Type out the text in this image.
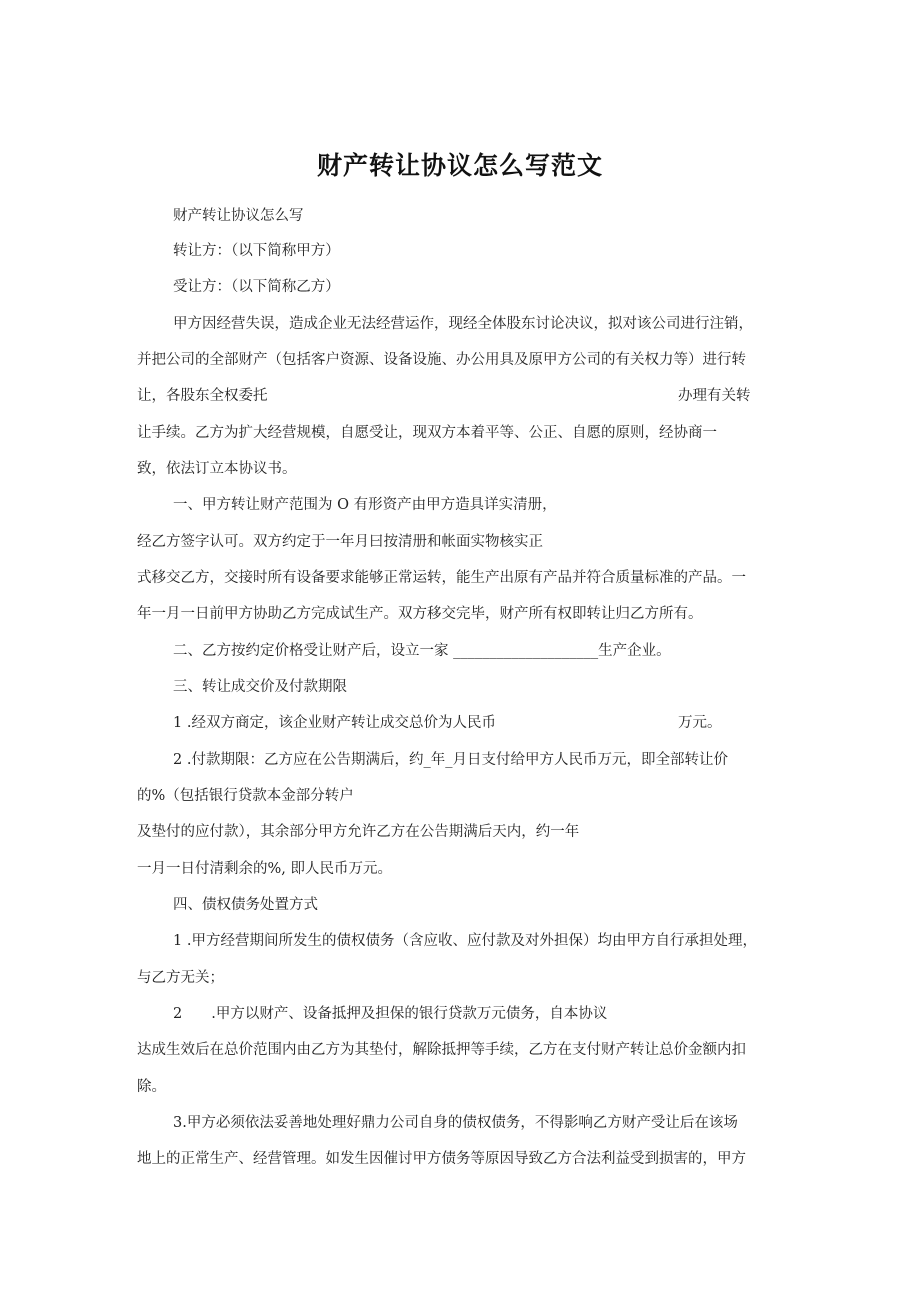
财产转让协议怎么写范文
财产转让协议怎么写
转让方：（以下简称甲方）
受让方：（以下简称乙方）
甲方因经营失误，造成企业无法经营运作，现经全体股东讨论决议，拟对该公司进行注销，
并把公司的全部财产（包括客户资源、设备设施、办公用具及原甲方公司的有关权力等）进行转
让，各股东全权委托	办理有关转
让手续。乙方为扩大经营规模，自愿受让，现双方本着平等、公正、自愿的原则，经协商一
致，依法订立本协议书。
一、甲方转让财产范围为 O 有形资产由甲方造具详实清册，
经乙方签字认可。双方约定于一年月曰按清册和帐面实物核实正
式移交乙方，交接时所有设备要求能够正常运转，能生产出原有产品并符合质量标准的产品。一
年一月一日前甲方协助乙方完成试生产。双方移交完毕，财产所有权即转让归乙方所有。
二、乙方按约定价格受让财产后，设立一家 ____________________生产企业。
三、转让成交价及付款期限
1 .经双方商定，该企业财产转让成交总价为人民币	万元。
2 .付款期限：乙方应在公告期满后，约_年_月日支付给甲方人民币万元，即全部转让价
的%（包括银行贷款本金部分转户
及垫付的应付款），其余部分甲方允许乙方在公告期满后天内，约一年
一月一日付清剩余的%, 即人民币万元。
四、债权债务处置方式
1 .甲方经营期间所发生的债权债务（含应收、应付款及对外担保）均由甲方自行承担处理，
与乙方无关；
2　　.甲方以财产、设备抵押及担保的银行贷款万元债务，自本协议
达成生效后在总价范围内由乙方为其垫付，解除抵押等手续，乙方在支付财产转让总价金额内扣
除。
3.甲方必须依法妥善地处理好鼎力公司自身的债权债务，不得影响乙方财产受让后在该场
地上的正常生产、经营管理。如发生因催讨甲方债务等原因导致乙方合法利益受到损害的，甲方
